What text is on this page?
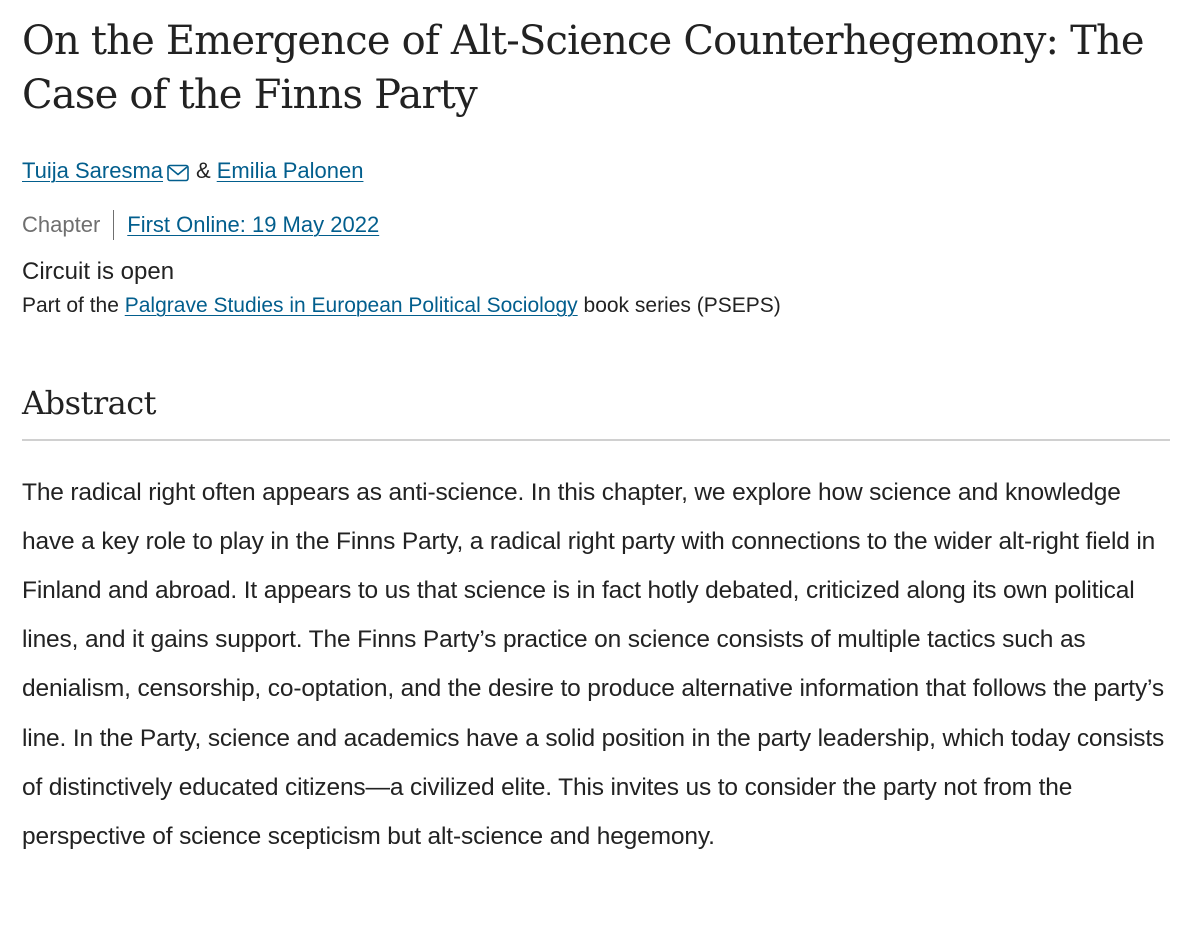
On the Emergence of Alt-Science Counterhegemony: The Case of the Finns Party
Tuija Saresma & Emilia Palonen
Chapter First Online: 19 May 2022
Circuit is open
Part of the Palgrave Studies in European Political Sociology book series (PSEPS)
Abstract

The radical right often appears as anti-science. In this chapter, we explore how science and knowledge have a key role to play in the Finns Party, a radical right party with connections to the wider alt-right field in Finland and abroad. It appears to us that science is in fact hotly debated, criticized along its own political lines, and it gains support. The Finns Party’s practice on science consists of multiple tactics such as denialism, censorship, co-optation, and the desire to produce alternative information that follows the party’s line. In the Party, science and academics have a solid position in the party leadership, which today consists of distinctively educated citizens—a civilized elite. This invites us to consider the party not from the perspective of science scepticism but alt-science and hegemony.
